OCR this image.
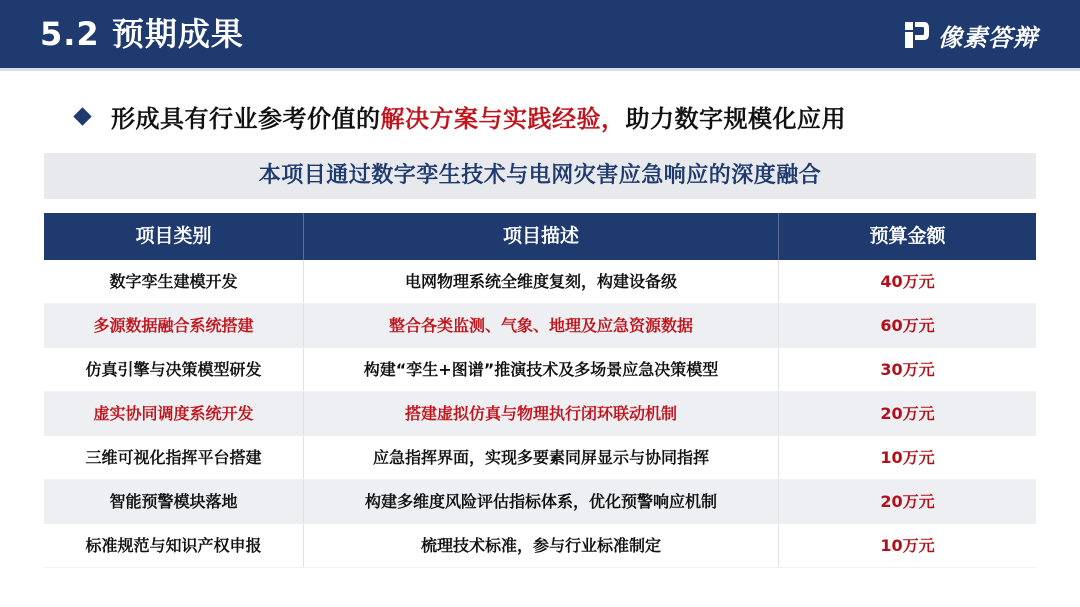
5.2 预期成果	像素答辩
形成具有行业参考价值的解决方案与实践经验，助力数字规模化应用
本项目通过数字孪生技术与电网灾害应急响应的深度融合
项目类别	项目描述	预算金额
数字孪生建模开发	电网物理系统全维度复刻，构建设备级	40万元
多源数据融合系统搭建	整合各类监测、气象、地理及应急资源数据	60万元
仿真引擎与决策模型研发	构建“孪生+图谱”推演技术及多场景应急决策模型	30万元
虚实协同调度系统开发	搭建虚拟仿真与物理执行闭环联动机制	20万元
三维可视化指挥平台搭建	应急指挥界面，实现多要素同屏显示与协同指挥	10万元
智能预警模块落地	构建多维度风险评估指标体系，优化预警响应机制	20万元
标准规范与知识产权申报	梳理技术标准，参与行业标准制定	10万元
